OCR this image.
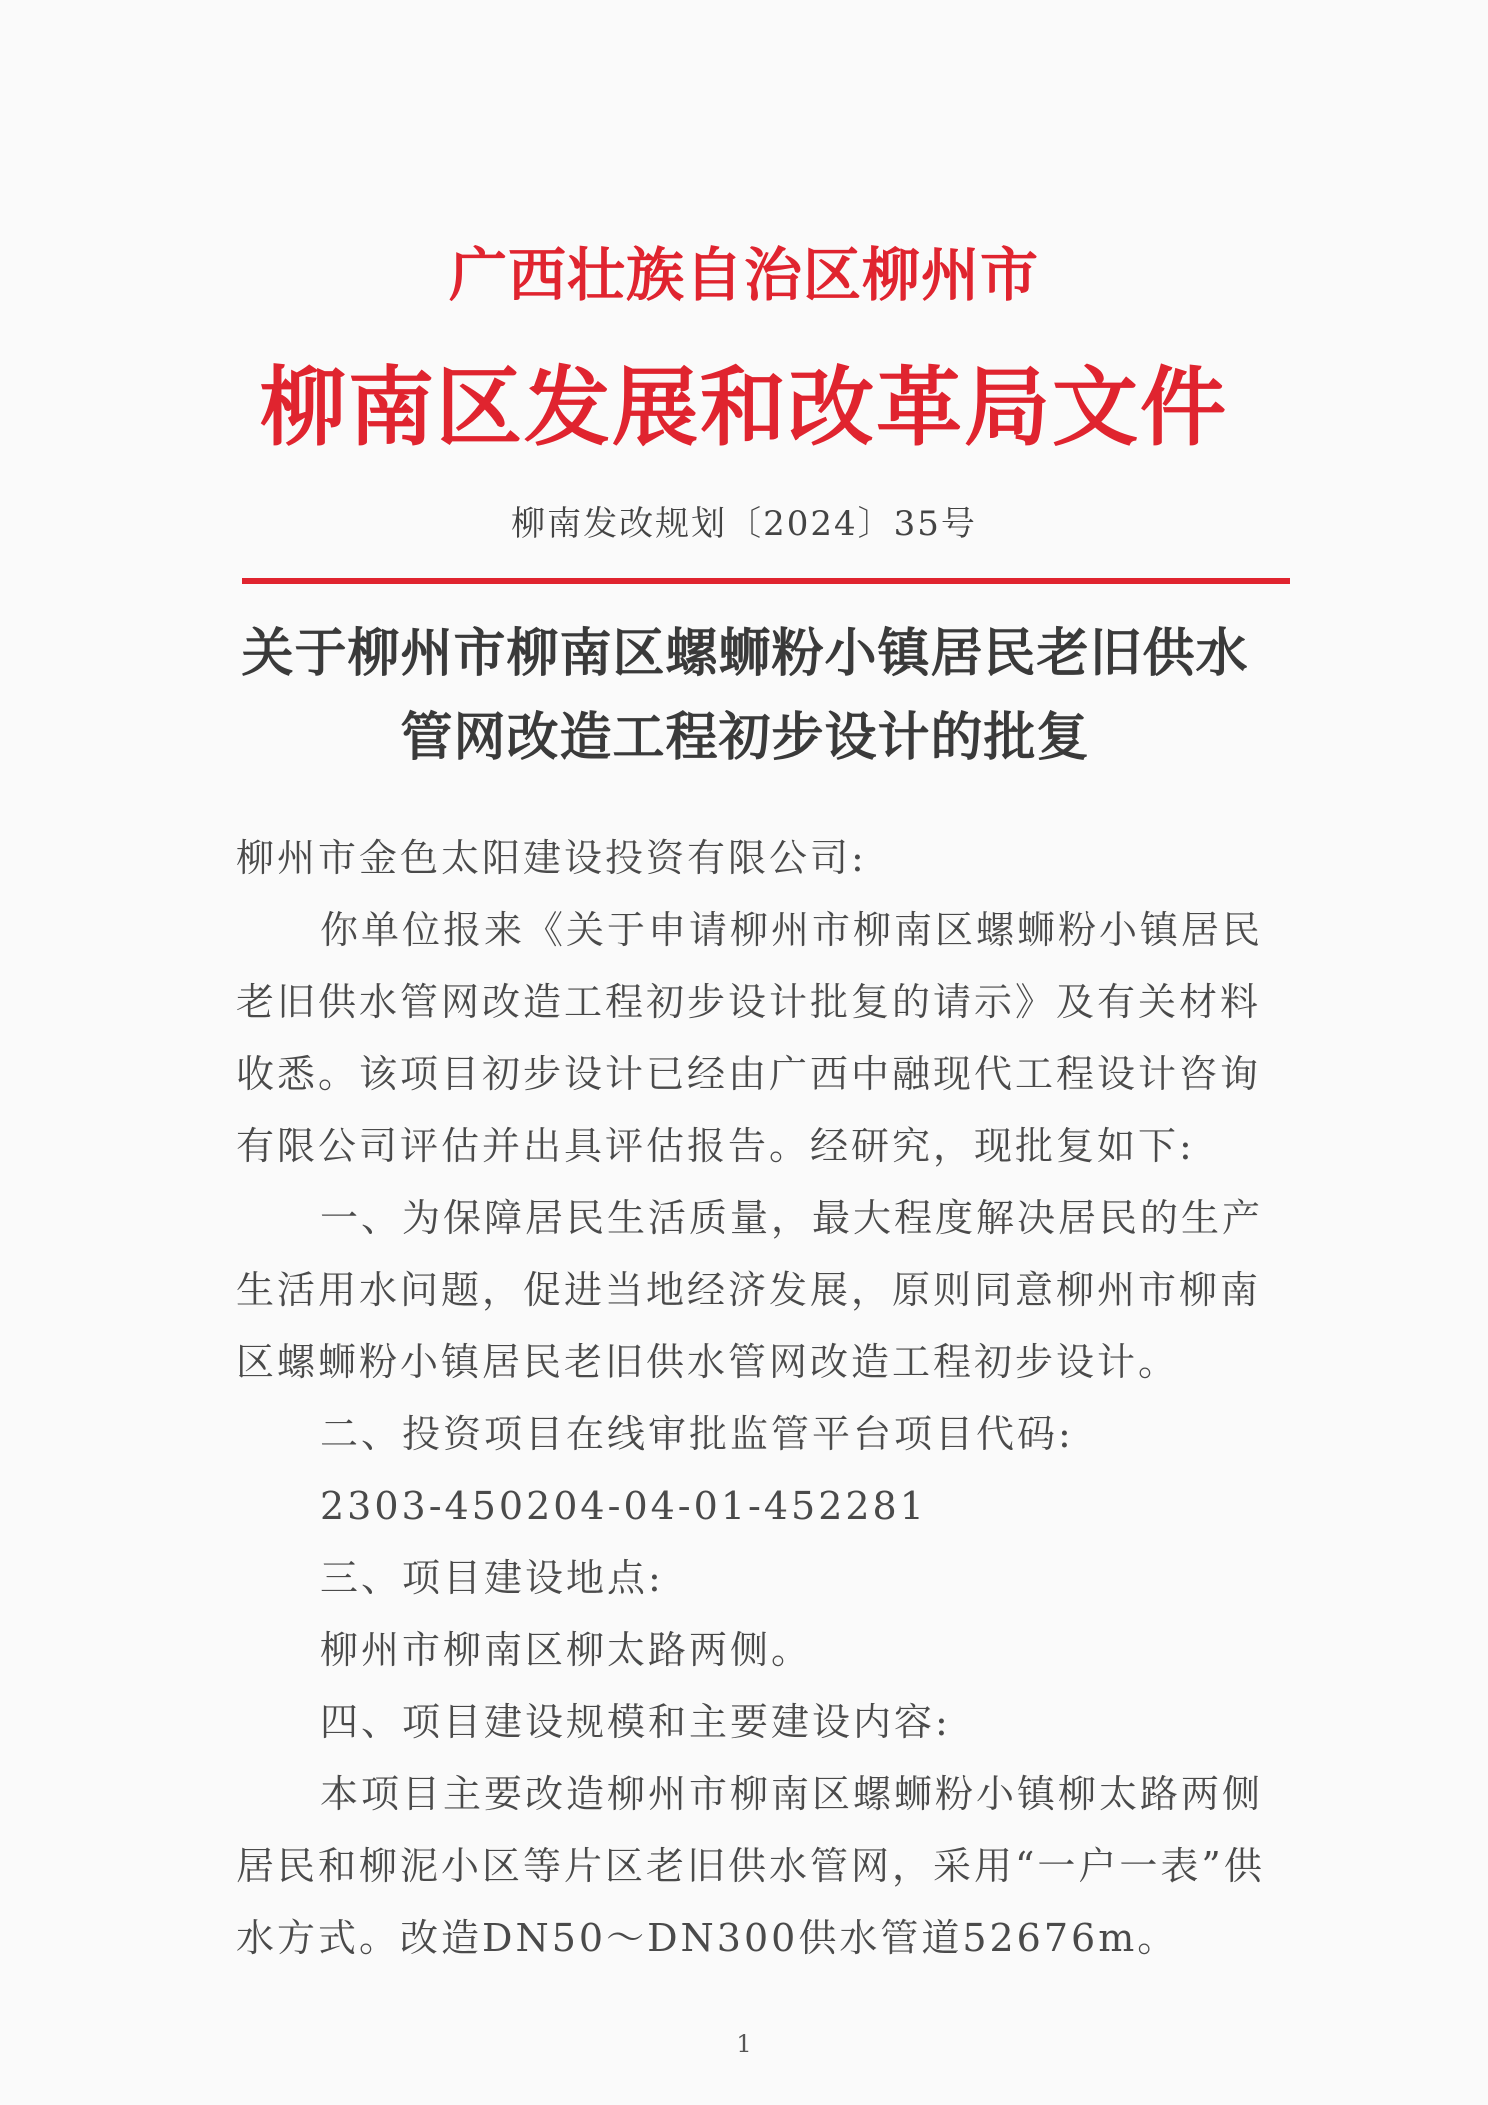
广西壮族自治区柳州市
柳南区发展和改革局文件
柳南发改规划〔2024〕35号
关于柳州市柳南区螺蛳粉小镇居民老旧供水
管网改造工程初步设计的批复

柳州市金色太阳建设投资有限公司:

你单位报来《关于申请柳州市柳南区螺蛳粉小镇居民老旧供水管网改造工程初步设计批复的请示》及有关材料收悉。该项目初步设计已经由广西中融现代工程设计咨询有限公司评估并出具评估报告。经研究，现批复如下:

一、为保障居民生活质量，最大程度解决居民的生产生活用水问题，促进当地经济发展，原则同意柳州市柳南区螺蛳粉小镇居民老旧供水管网改造工程初步设计。

二、投资项目在线审批监管平台项目代码:

2303-450204-04-01-452281

三、项目建设地点:

柳州市柳南区柳太路两侧。

四、项目建设规模和主要建设内容:

本项目主要改造柳州市柳南区螺蛳粉小镇柳太路两侧居民和柳泥小区等片区老旧供水管网，采用“一户一表”供水方式。改造DN50～DN300供水管道52676m。

1
